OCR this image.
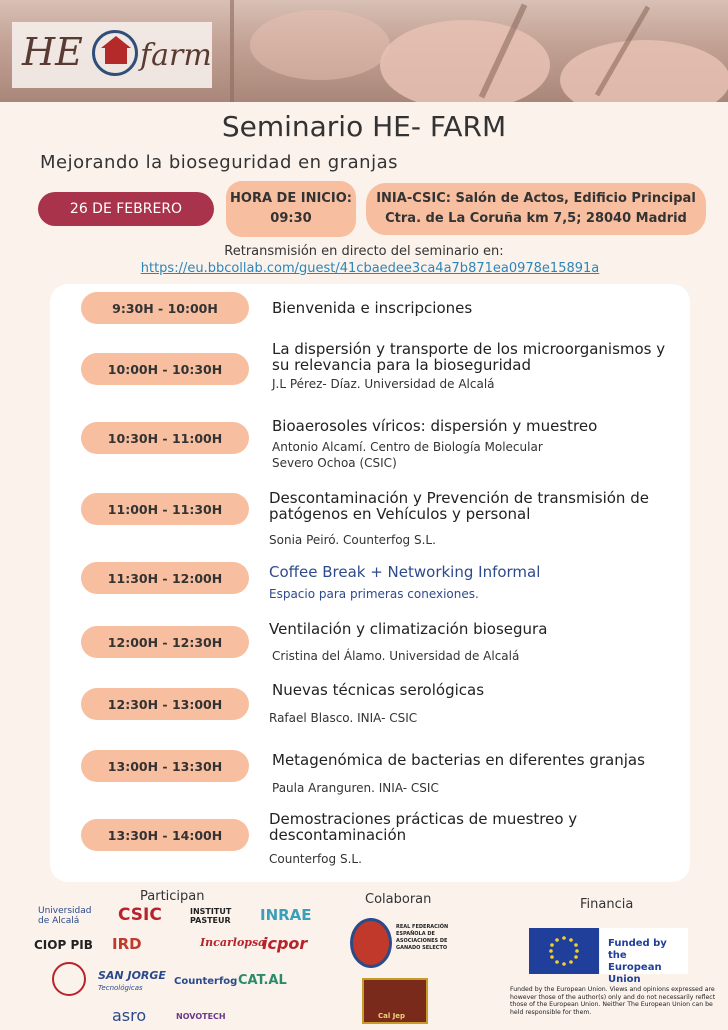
HE farm
Seminario HE- FARM
Mejorando la bioseguridad en granjas
26 DE FEBRERO
HORA DE INICIO:
09:30
INIA-CSIC: Salón de Actos, Edificio Principal
Ctra. de La Coruña km 7,5; 28040 Madrid
Retransmisión en directo del seminario en:
https://eu.bbcollab.com/guest/41cbaedee3ca4a7b871ea0978e15891a
9:30H - 10:00H	Bienvenida e inscripciones
10:00H - 10:30H
La dispersión y transporte de los microorganismos y su relevancia para la bioseguridad
J.L Pérez- Díaz. Universidad de Alcalá
10:30H - 11:00H
Bioaerosoles víricos: dispersión y muestreo
Antonio Alcamí. Centro de Biología Molecular
Severo Ochoa (CSIC)
11:00H - 11:30H
Descontaminación y Prevención de transmisión de patógenos en Vehículos y personal
Sonia Peiró. Counterfog S.L.
11:30H - 12:00H	Coffee Break + Networking Informal
Espacio para primeras conexiones.
12:00H - 12:30H
Ventilación y climatización biosegura
Cristina del Álamo. Universidad de Alcalá
12:30H - 13:00H
Nuevas técnicas serológicas
Rafael Blasco. INIA- CSIC
13:00H - 13:30H	Metagenómica de bacterias en diferentes granjas
Paula Aranguren. INIA- CSIC
13:30H - 14:00H
Demostraciones prácticas de muestreo y descontaminación
Counterfog S.L.
Participan	Colaboran	Financia
Universidad
de Alcalá	CSIC	INSTITUT
PASTEUR INRAE
CIOP PIB IRD	Incarlopsa
icpor
SAN JORGE
Tecnológicas
Counterfog CAT.AL
asro	NOVOTECH
REAL FEDERACIÓN ESPAÑOLA DE ASOCIACIONES DE GANADO SELECTO
Cal Jep
Funded by the
European Union
Funded by the European Union. Views and opinions expressed are however those of the author(s) only and do not necessarily reflect those of the European Union. Neither The European Union can be held responsible for them.
